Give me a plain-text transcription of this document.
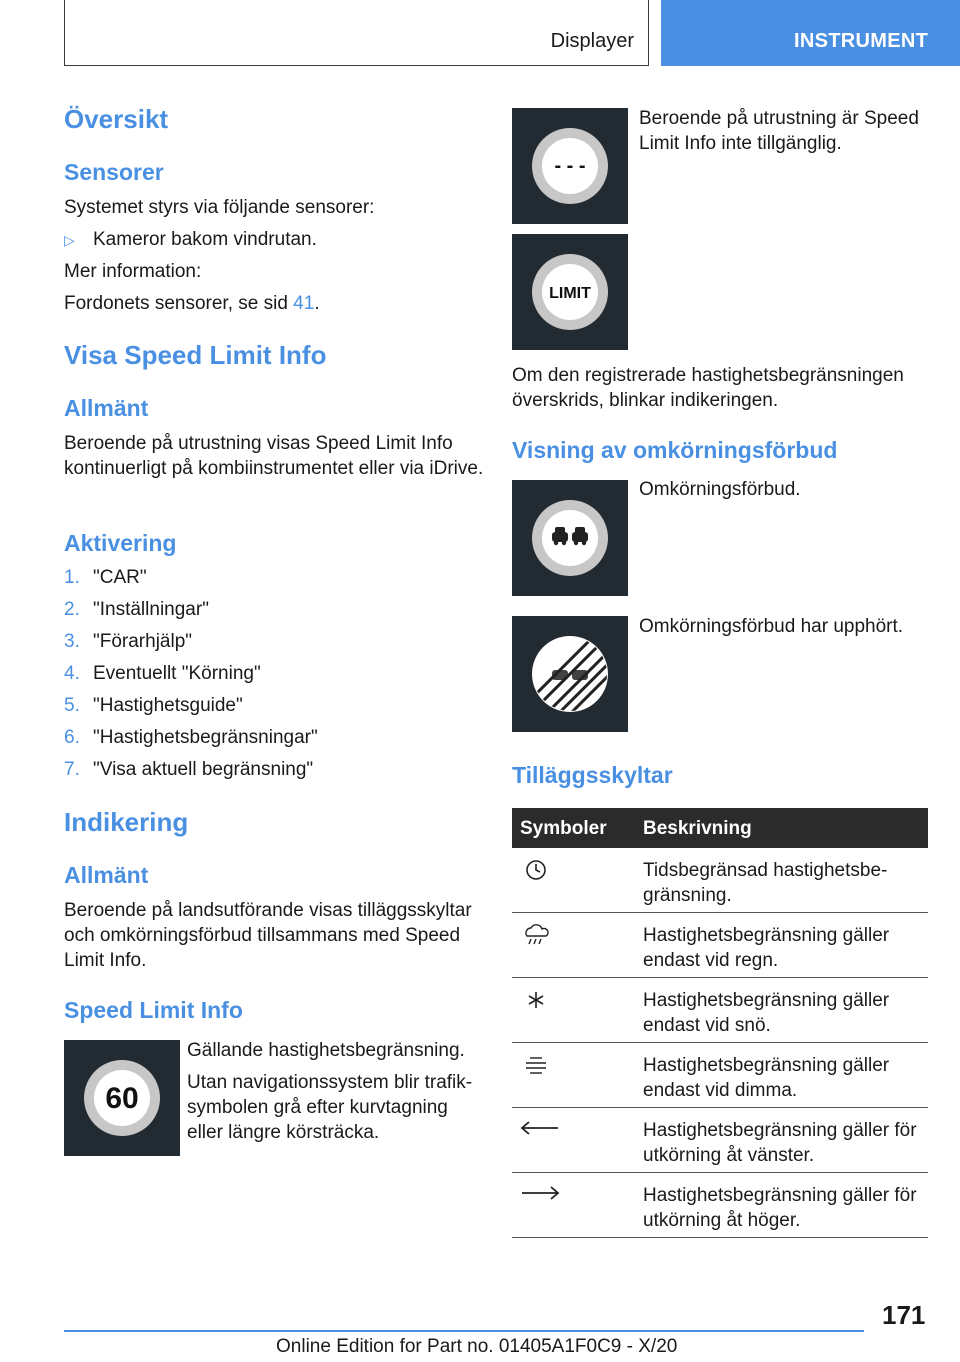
Displayer	INSTRUMENT
Översikt
Sensorer
Systemet styrs via följande sensorer:
▷ Kameror bakom vindrutan.
Mer information:
Fordonets sensorer, se sid 41.
Visa Speed Limit Info
Allmänt
Beroende på utrustning visas Speed Limit Info kontinuerligt på kombiinstrumentet eller via iDrive.
Aktivering
1. "CAR"
2. "Inställningar"
3. "Förarhjälp"
4. Eventuellt "Körning"
5. "Hastighetsguide"
6. "Hastighetsbegränsningar"
7. "Visa aktuell begränsning"
Indikering
Allmänt
Beroende på landsutförande visas tilläggsskyltar och omkörningsförbud tillsammans med Speed Limit Info.
Speed Limit Info
60
Gällande hastighetsbegränsning.
Utan navigationssystem blir trafik-symbolen grå efter kurvtagning eller längre körsträcka.
- - -
Beroende på utrustning är Speed Limit Info inte tillgänglig.
LIMIT
Om den registrerade hastighetsbegränsningen överskrids, blinkar indikeringen.
Visning av omkörningsförbud
Omkörningsförbud.
Omkörningsförbud har upphört.
Tilläggsskyltar
Symboler Beskrivning
Tidsbegränsad hastighetsbe-gränsning.
Hastighetsbegränsning gäller endast vid regn.
Hastighetsbegränsning gäller endast vid snö.
Hastighetsbegränsning gäller endast vid dimma.
Hastighetsbegränsning gäller för utkörning åt vänster.
Hastighetsbegränsning gäller för utkörning åt höger.
171
Online Edition for Part no. 01405A1F0C9 - X/20
